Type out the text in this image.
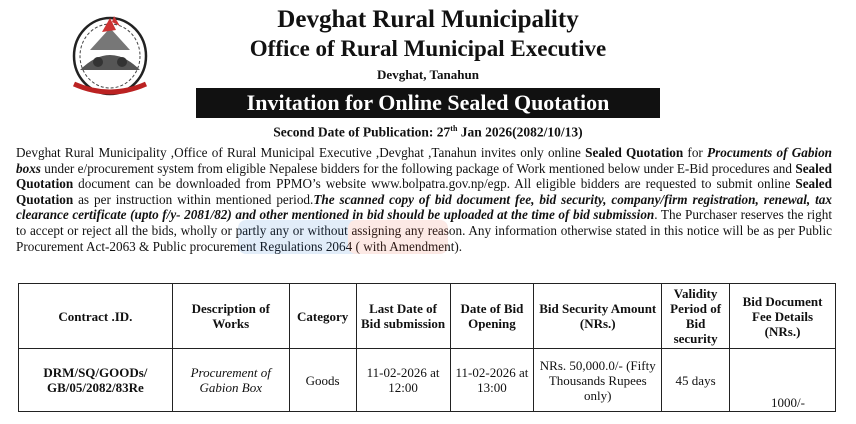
Devghat Rural Municipality
Office of Rural Municipal Executive
Devghat, Tanahun
Invitation for Online Sealed Quotation
Second Date of Publication: 27th Jan 2026(2082/10/13)

Devghat Rural Municipality ,Office of Rural Municipal Executive ,Devghat ,Tanahun invites only online Sealed Quotation for Procuments of Gabion boxs under e/procurement system from eligible Nepalese bidders for the following package of Work mentioned below under E-Bid procedures and Sealed Quotation document can be downloaded from PPMO’s website www.bolpatra.gov.np/egp. All eligible bidders are requested to submit online Sealed Quotation as per instruction within mentioned period.The scanned copy of bid document fee, bid security, company/firm registration, renewal, tax clearance certificate (upto f/y- 2081/82) and other mentioned in bid should be uploaded at the time of bid submission. The Purchaser reserves the right to accept or reject all the bids, wholly or partly any or without assigning any reason. Any information otherwise stated in this notice will be as per Public Procurement Act-2063 & Public procurement Regulations 2064 ( with Amendment).

Contract .ID.	Description of Works	Category	Last Date of Bid submission	Date of Bid Opening	Bid Security Amount (NRs.)	Validity Period of Bid security	Bid Document Fee Details (NRs.)
DRM/SQ/GOODs/ GB/05/2082/83Re	Procurement of Gabion Box	Goods	11-02-2026 at 12:00	11-02-2026 at 13:00	NRs. 50,000.0/- (Fifty Thousands Rupees only)	45 days	1000/-
